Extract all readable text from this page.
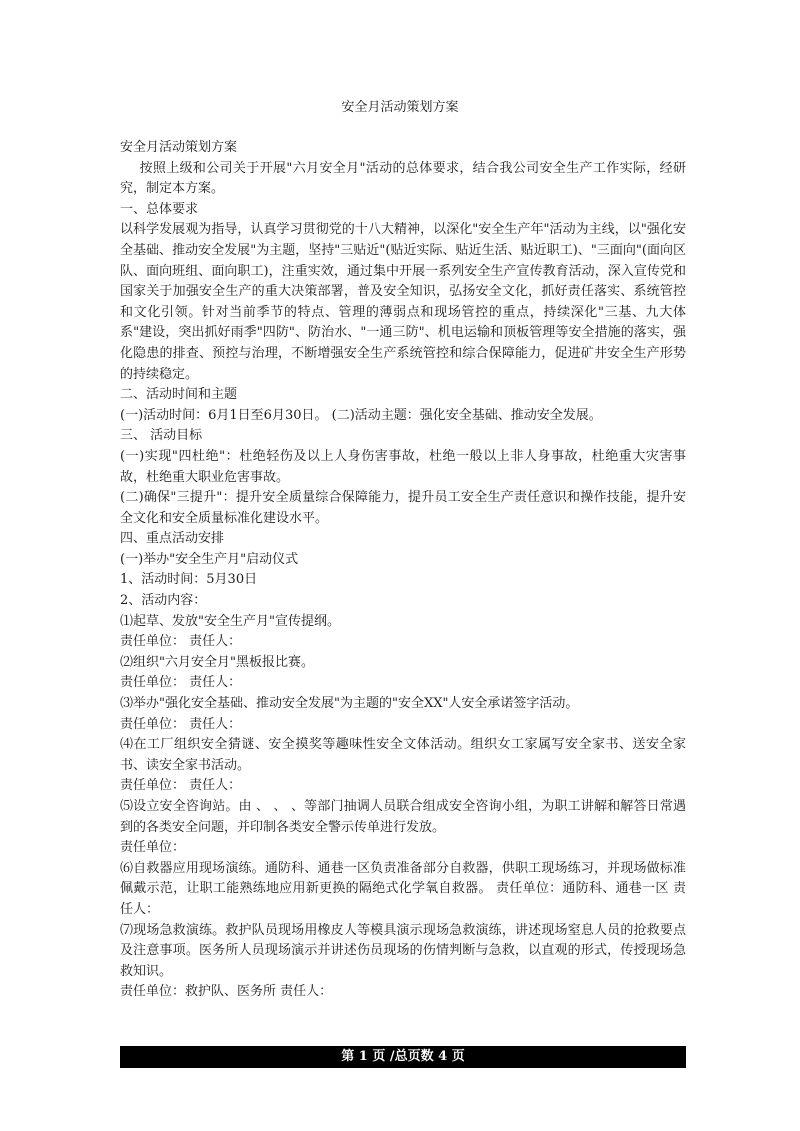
安全月活动策划方案

安全月活动策划方案

按照上级和公司关于开展"六月安全月"活动的总体要求，结合我公司安全生产工作实际，经研究，制定本方案。

一、总体要求

以科学发展观为指导，认真学习贯彻党的十八大精神，以深化"安全生产年"活动为主线，以"强化安全基础、推动安全发展"为主题，坚持"三贴近"(贴近实际、贴近生活、贴近职工)、"三面向"(面向区队、面向班组、面向职工)，注重实效，通过集中开展一系列安全生产宣传教育活动，深入宣传党和国家关于加强安全生产的重大决策部署，普及安全知识，弘扬安全文化，抓好责任落实、系统管控和文化引领。针对当前季节的特点、管理的薄弱点和现场管控的重点，持续深化"三基、九大体系"建设，突出抓好雨季"四防"、防治水、"一通三防"、机电运输和顶板管理等安全措施的落实，强化隐患的排查、预控与治理，不断增强安全生产系统管控和综合保障能力，促进矿井安全生产形势的持续稳定。

二、活动时间和主题

(一)活动时间：6月1日至6月30日。 (二)活动主题：强化安全基础、推动安全发展。

三、 活动目标

(一)实现"四杜绝"：杜绝轻伤及以上人身伤害事故，杜绝一般以上非人身事故，杜绝重大灾害事故，杜绝重大职业危害事故。

(二)确保"三提升"：提升安全质量综合保障能力，提升员工安全生产责任意识和操作技能，提升安全文化和安全质量标准化建设水平。

四、重点活动安排

(一)举办"安全生产月"启动仪式

1、活动时间：5月30日

2、活动内容：

⑴起草、发放"安全生产月"宣传提纲。

责任单位： 责任人：

⑵组织"六月安全月"黑板报比赛。

责任单位： 责任人：

⑶举办"强化安全基础、推动安全发展"为主题的"安全XX"人安全承诺签字活动。

责任单位： 责任人：

⑷在工厂组织安全猜谜、安全摸奖等趣味性安全文体活动。组织女工家属写安全家书、送安全家书、读安全家书活动。

责任单位： 责任人：

⑸设立安全咨询站。由 、 、 、等部门抽调人员联合组成安全咨询小组，为职工讲解和解答日常遇到的各类安全问题，并印制各类安全警示传单进行发放。

责任单位：

⑹自救器应用现场演练。通防科、通巷一区负责准备部分自救器，供职工现场练习，并现场做标准佩戴示范，让职工能熟练地应用新更换的隔绝式化学氧自救器。 责任单位：通防科、通巷一区 责任人：

⑺现场急救演练。救护队员现场用橡皮人等模具演示现场急救演练，讲述现场窒息人员的抢救要点及注意事项。医务所人员现场演示并讲述伤员现场的伤情判断与急救，以直观的形式，传授现场急救知识。

责任单位：救护队、医务所 责任人：

第 1 页 /总页数 4 页
